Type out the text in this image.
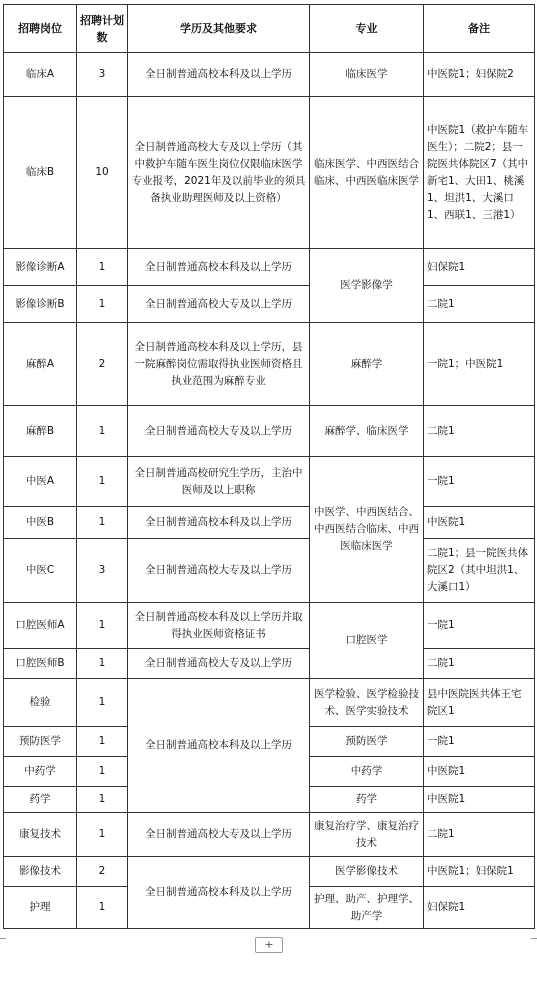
招聘岗位	招聘计划数	学历及其他要求	专业	备注
临床A	3	全日制普通高校本科及以上学历	临床医学	中医院1；妇保院2
临床B	10	全日制普通高校大专及以上学历（其中救护车随车医生岗位仅限临床医学专业报考，2021年及以前毕业的须具备执业助理医师及以上资格）	临床医学、中西医结合临床、中西医临床医学	中医院1（救护车随车医生）；二院2；县一院医共体院区7（其中新宅1、大田1、桃溪1、坦洪1、大溪口1、西联1、三港1）
影像诊断A	1	全日制普通高校本科及以上学历	医学影像学	妇保院1
影像诊断B	1	全日制普通高校大专及以上学历		二院1
麻醉A	2	全日制普通高校本科及以上学历，县一院麻醉岗位需取得执业医师资格且执业范围为麻醉专业	麻醉学	一院1；中医院1
麻醉B	1	全日制普通高校大专及以上学历	麻醉学、临床医学	二院1
中医A	1	全日制普通高校研究生学历，主治中医师及以上职称	中医学、中西医结合、中西医结合临床、中西医临床医学	一院1
中医B	1	全日制普通高校本科及以上学历		中医院1
中医C	3	全日制普通高校大专及以上学历		二院1；县一院医共体院区2（其中坦洪1、大溪口1）
口腔医师A	1	全日制普通高校本科及以上学历并取得执业医师资格证书	口腔医学	一院1
口腔医师B	1	全日制普通高校大专及以上学历		二院1
检验	1	全日制普通高校本科及以上学历	医学检验、医学检验技术、医学实验技术	县中医院医共体王宅院区1
预防医学	1		预防医学	一院1
中药学	1		中药学	中医院1
药学	1		药学	中医院1
康复技术	1	全日制普通高校大专及以上学历	康复治疗学、康复治疗技术	二院1
影像技术	2	全日制普通高校本科及以上学历	医学影像技术	中医院1；妇保院1
护理	1		护理、助产、护理学、助产学	妇保院1
+
